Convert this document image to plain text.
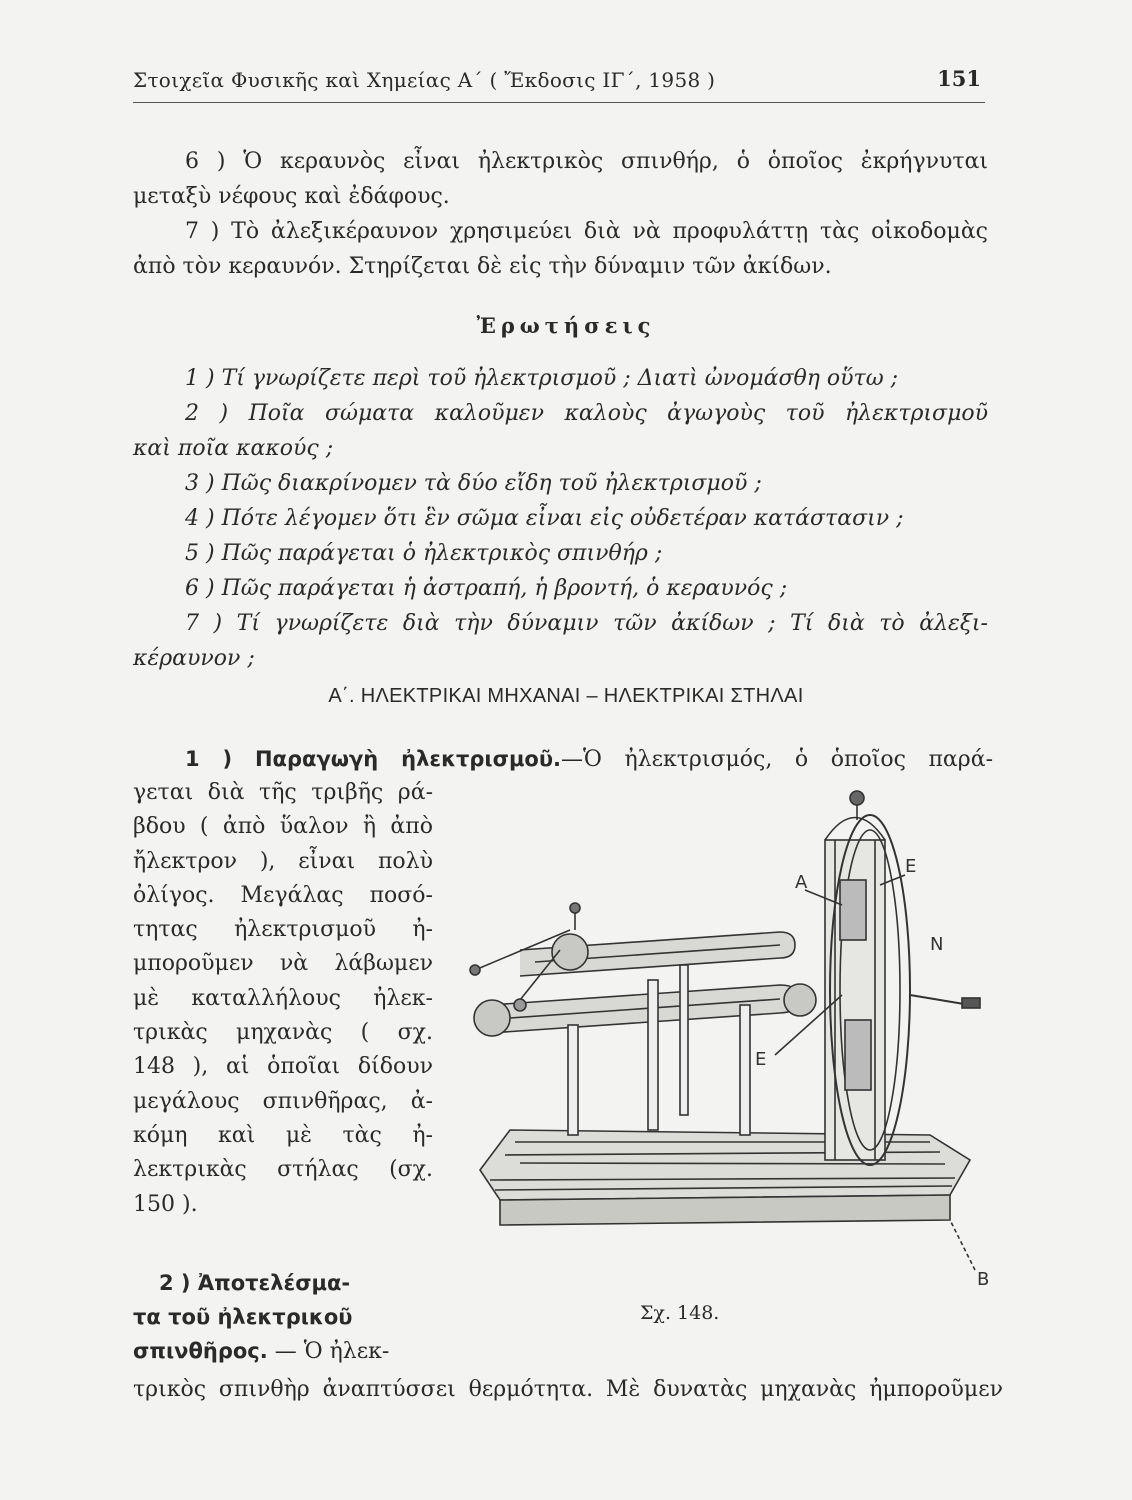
Στοιχεῖα Φυσικῆς καὶ Χημείας Α΄ ( Ἔκδοσις ΙΓ΄, 1958 )	151
6 ) Ὁ κεραυνὸς εἶναι ἠλεκτρικὸς σπινθήρ, ὁ ὁποῖος ἐκρήγνυται
μεταξὺ νέφους καὶ ἐδάφους.
7 ) Τὸ ἀλεξικέραυνον χρησιμεύει διὰ νὰ προφυλάττῃ τὰς οἰκοδομὰς
ἀπὸ τὸν κεραυνόν. Στηρίζεται δὲ εἰς τὴν δύναμιν τῶν ἀκίδων.
Ἐρωτήσεις
1 ) Τί γνωρίζετε περὶ τοῦ ἠλεκτρισμοῦ ; Διατὶ ὠνομάσθη οὕτω ;
2 ) Ποῖα σώματα καλοῦμεν καλοὺς ἀγωγοὺς τοῦ ἠλεκτρισμοῦ
καὶ ποῖα κακούς ;
3 ) Πῶς διακρίνομεν τὰ δύο εἴδη τοῦ ἠλεκτρισμοῦ ;
4 ) Πότε λέγομεν ὅτι ἓν σῶμα εἶναι εἰς οὐδετέραν κατάστασιν ;
5 ) Πῶς παράγεται ὁ ἠλεκτρικὸς σπινθήρ ;
6 ) Πῶς παράγεται ἡ ἀστραπή, ἡ βροντή, ὁ κεραυνός ;
7 ) Τί γνωρίζετε διὰ τὴν δύναμιν τῶν ἀκίδων ; Τί διὰ τὸ ἀλεξι-
κέραυνον ;
Α΄. ΗΛΕΚΤΡΙΚΑΙ ΜΗΧΑΝΑΙ – ΗΛΕΚΤΡΙΚΑΙ ΣΤΗΛΑΙ
1 ) Παραγωγὴ ἠλεκτρισμοῦ.—Ὁ ἠλεκτρισμός, ὁ ὁποῖος παρά-
γεται διὰ τῆς τριβῆς ρά-
βδου ( ἀπὸ ὕαλον ἢ ἀπὸ
ἤλεκτρον ), εἶναι πολὺ
ὀλίγος. Μεγάλας ποσό-
τητας ἠλεκτρισμοῦ ἠ-
μποροῦμεν νὰ λάβωμεν
μὲ καταλλήλους ἠλεκ-
τρικὰς μηχανὰς ( σχ.
148 ), αἱ ὁποῖαι δίδουν
μεγάλους σπινθῆρας, ἀ-
κόμη καὶ μὲ τὰς ἠ-
λεκτρικὰς στήλας (σχ.
150 ).
2 ) Ἀποτελέσμα-
τα τοῦ ἠλεκτρικοῦ
σπινθῆρος. — Ὁ ἠλεκ-
τρικὸς σπινθὴρ ἀναπτύσσει θερμότητα. Μὲ δυνατὰς μηχανὰς ἠμποροῦμεν
A
E
N
E
B
Σχ. 148.
